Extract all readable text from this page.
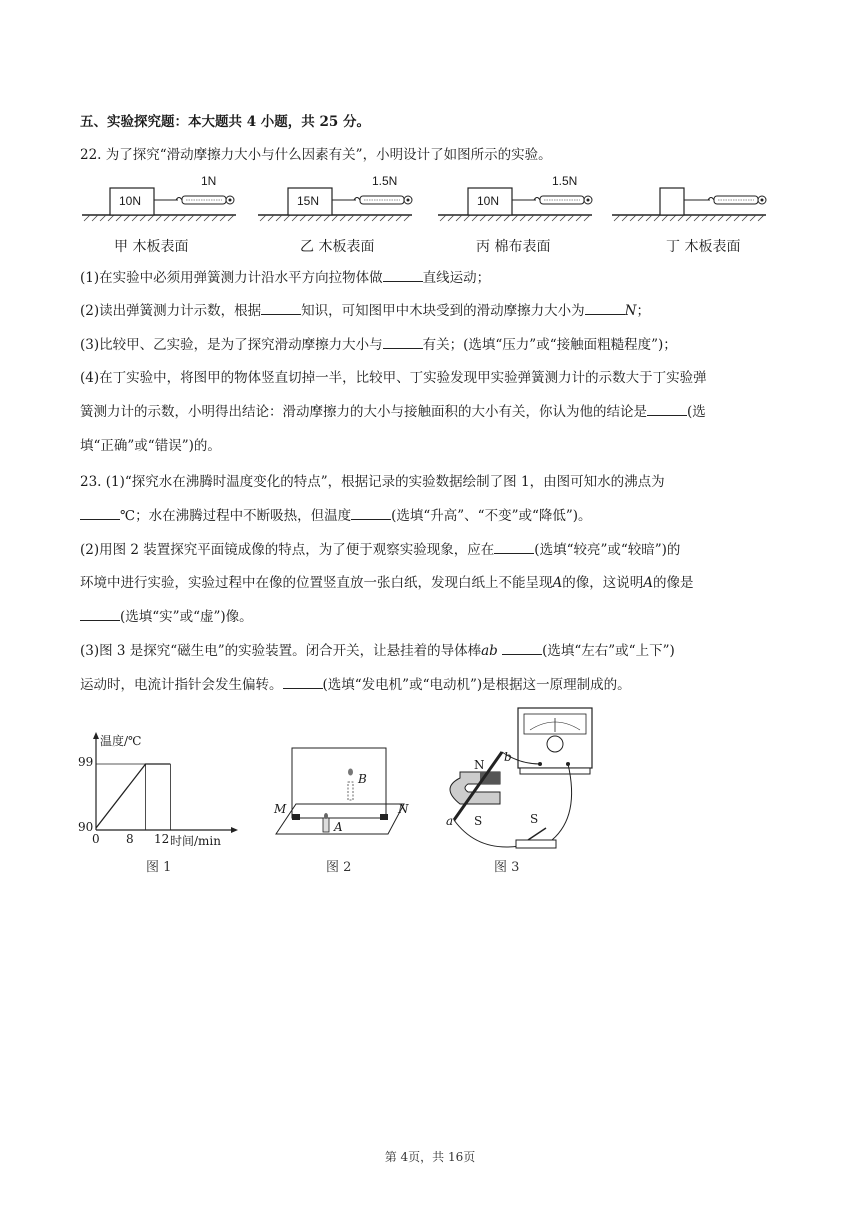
五、实验探究题：本大题共 4 小题，共 25 分。
22. 为了探究“滑动摩擦力大小与什么因素有关”，小明设计了如图所示的实验。
10N
1N
甲 木板表面
15N
1.5N
乙 木板表面
10N
1.5N
丙 棉布表面	丁 木板表面
(1)在实验中必须用弹簧测力计沿水平方向拉物体做	直线运动；
(2)读出弹簧测力计示数，根据	知识，可知图甲中木块受到的滑动摩擦力大小为	N；
(3)比较甲、乙实验，是为了探究滑动摩擦力大小与	有关；(选填“压力”或“接触面粗糙程度”)；
(4)在丁实验中，将图甲的物体竖直切掉一半，比较甲、丁实验发现甲实验弹簧测力计的示数大于丁实验弹
簧测力计的示数，小明得出结论：滑动摩擦力的大小与接触面积的大小有关，你认为他的结论是	(选
填“正确”或“错误”)的。
23. (1)“探究水在沸腾时温度变化的特点”，根据记录的实验数据绘制了图 1，由图可知水的沸点为
℃；水在沸腾过程中不断吸热，但温度	(选填“升高”、“不变”或“降低”)。
(2)用图 2 装置探究平面镜成像的特点，为了便于观察实验现象，应在	(选填“较亮”或“较暗”)的
环境中进行实验，实验过程中在像的位置竖直放一张白纸，发现白纸上不能呈现A的像，这说明A的像是
(选填“实”或“虚”)像。
(3)图 3 是探究“磁生电”的实验装置。闭合开关，让悬挂着的导体棒ab	(选填“左右”或“上下”)
运动时，电流计指针会发生偏转。	(选填“发电机”或“电动机”)是根据这一原理制成的。
温度/℃
99
90
0 8 12 时间/min
图 1
M	N
A
B
图 2
N
b
a S	S
图 3
第 4页，共 16页
